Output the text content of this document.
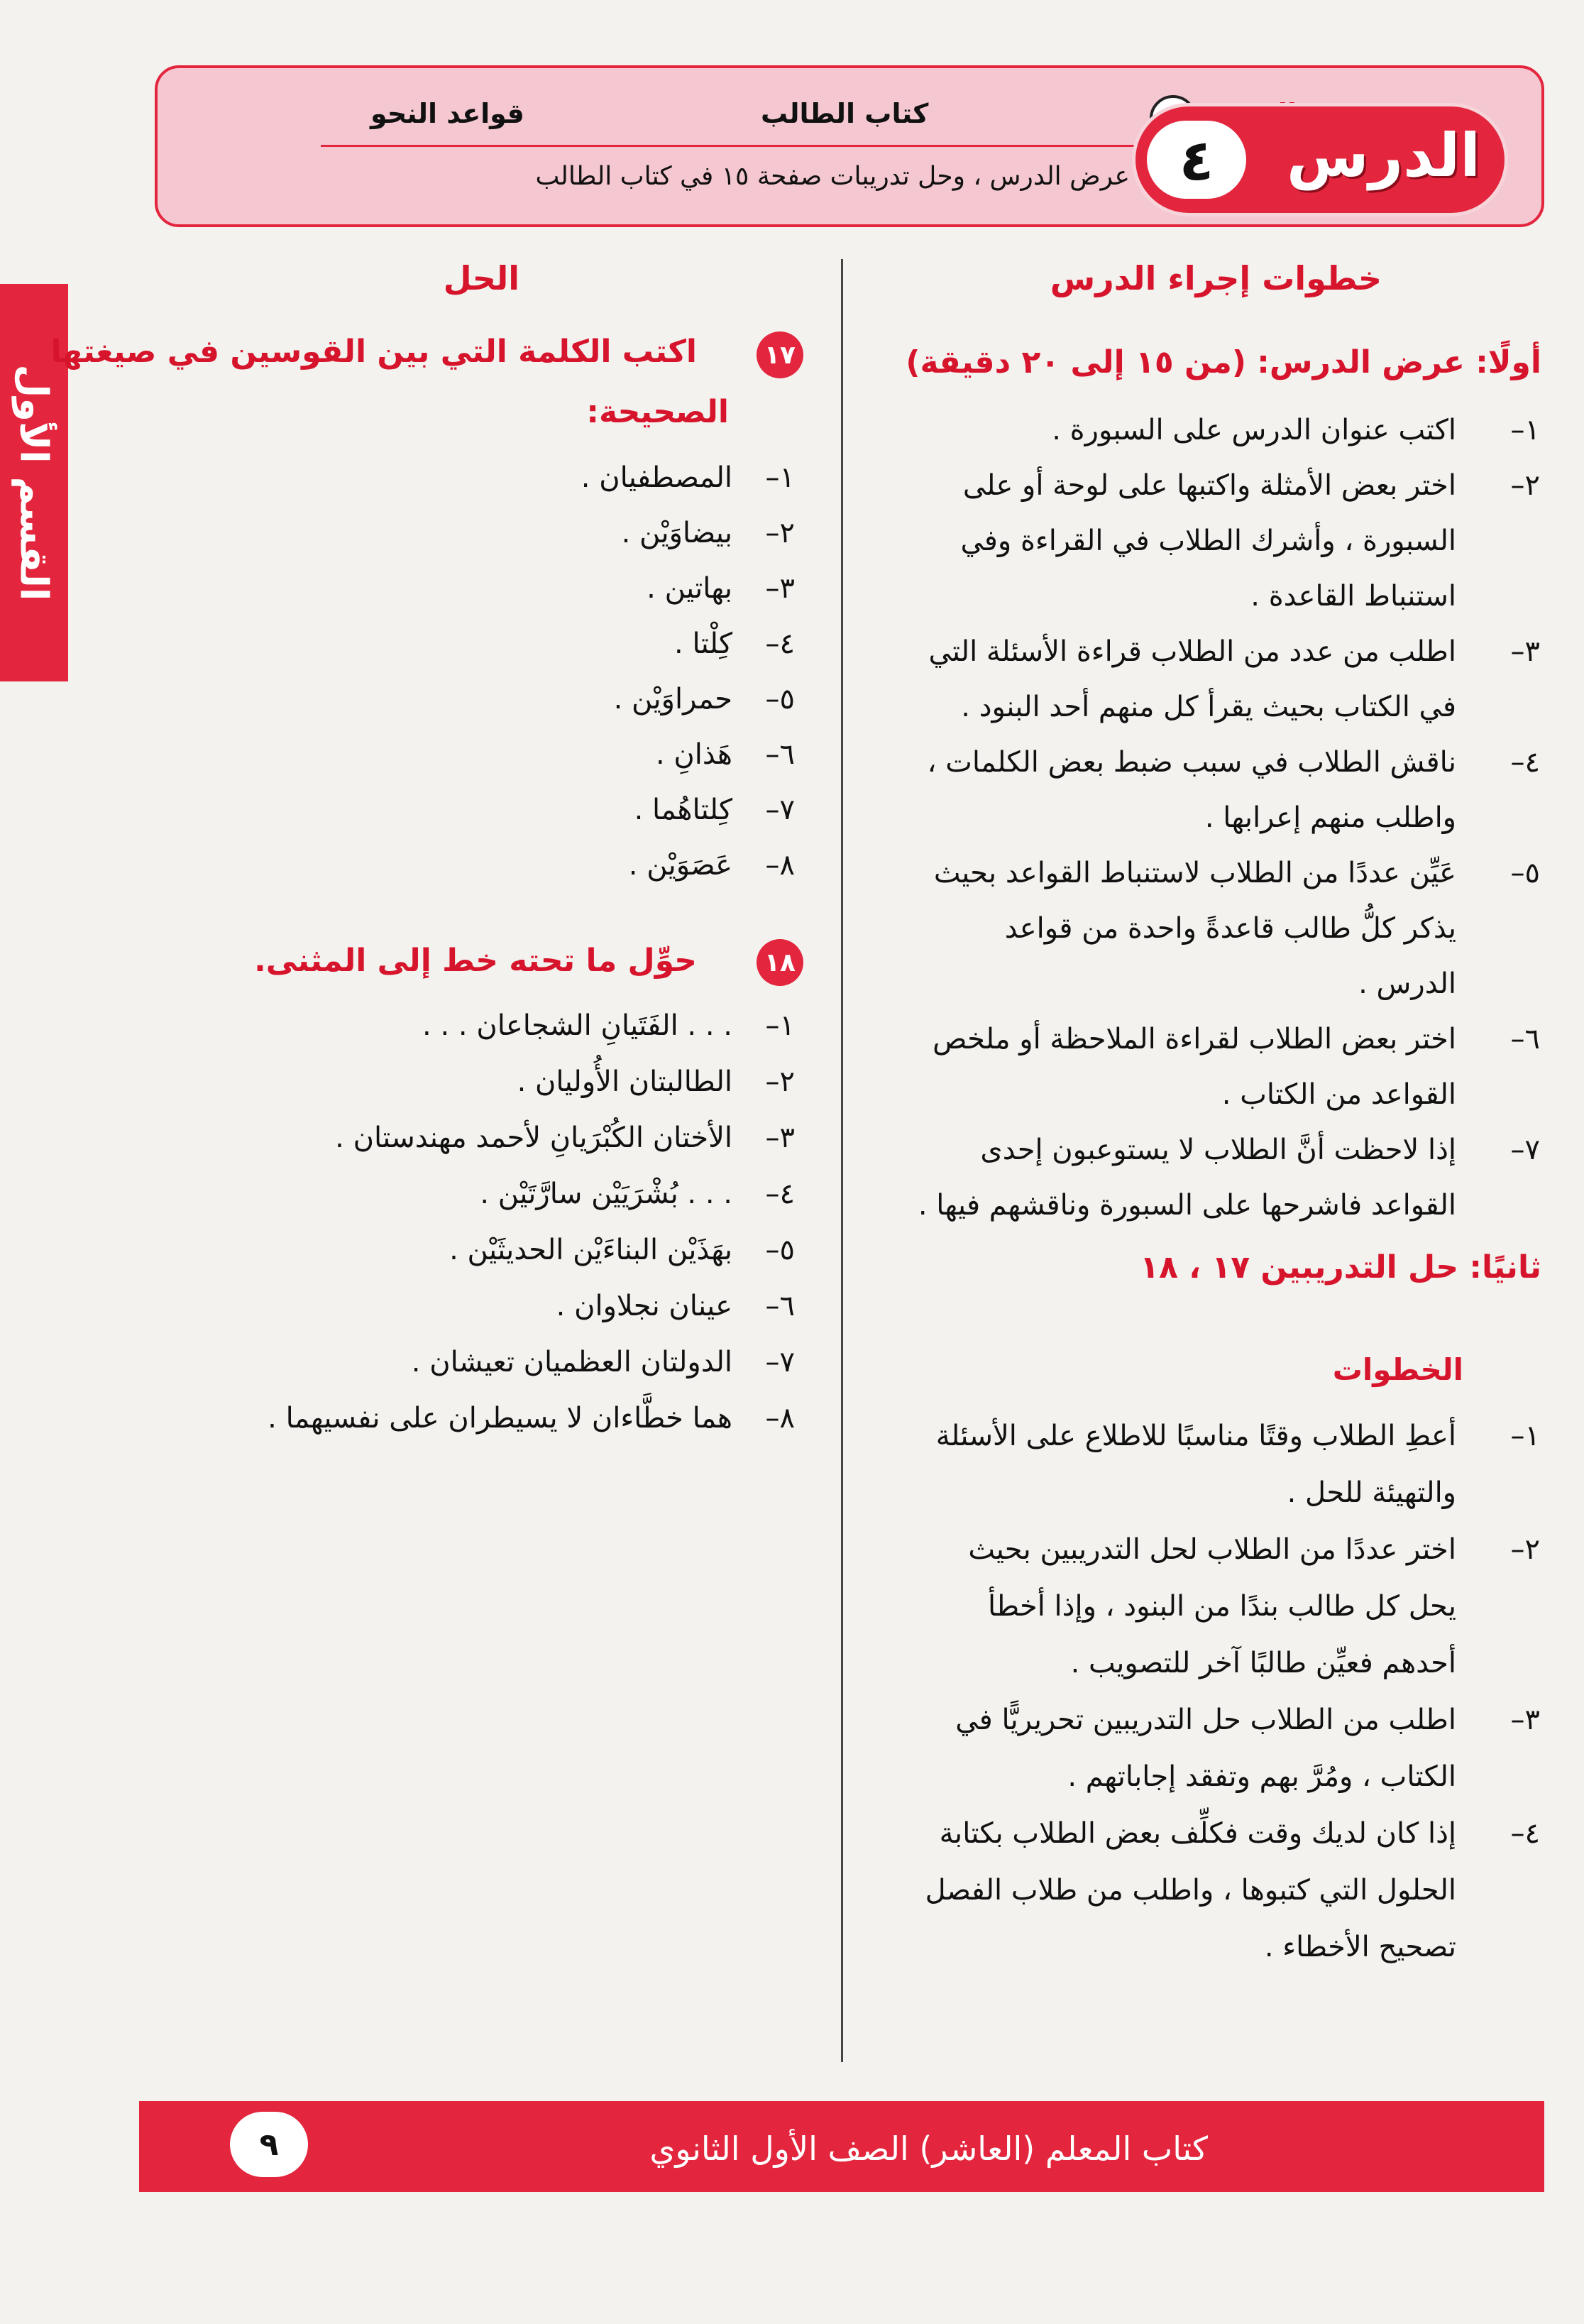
قواعد النحو	كتاب الطالب
عرض الدرس ، وحل تدريبات صفحة ١٥ في كتاب الطالب	الدرس
٤
القسم الأول
خطوات إجراء الدرس
أولًا: عرض الدرس: (من ١٥ إلى ٢٠ دقيقة)
١–
اكتب عنوان الدرس على السبورة .
٢–
اختر بعض الأمثلة واكتبها على لوحة أو على
السبورة ، وأشرك الطلاب في القراءة وفي
استنباط القاعدة .
٣–
اطلب من عدد من الطلاب قراءة الأسئلة التي
في الكتاب بحيث يقرأ كل منهم أحد البنود .
٤–
ناقش الطلاب في سبب ضبط بعض الكلمات ،
واطلب منهم إعرابها .
٥–
عَيِّن عددًا من الطلاب لاستنباط القواعد بحيث
يذكر كلُّ طالب قاعدةً واحدة من قواعد
الدرس .
٦–
اختر بعض الطلاب لقراءة الملاحظة أو ملخص
القواعد من الكتاب .
٧–
إذا لاحظت أنَّ الطلاب لا يستوعبون إحدى
القواعد فاشرحها على السبورة وناقشهم فيها .
ثانيًا: حل التدريبين ١٧ ، ١٨
الخطوات
١–
أعطِ الطلاب وقتًا مناسبًا للاطلاع على الأسئلة
والتهيئة للحل .
٢–
اختر عددًا من الطلاب لحل التدريبين بحيث
يحل كل طالب بندًا من البنود ، وإذا أخطأ
أحدهم فعيِّن طالبًا آخر للتصويب .
٣–
اطلب من الطلاب حل التدريبين تحريريًّا في
الكتاب ، ومُرَّ بهم وتفقد إجاباتهم .
٤–
إذا كان لديك وقت فكلِّف بعض الطلاب بكتابة
الحلول التي كتبوها ، واطلب من طلاب الفصل
تصحيح الأخطاء .
الحل
١٧
اكتب الكلمة التي بين القوسين في صيغتها
الصحيحة:
١–
المصطفيان .
٢–
بيضاوَيْن .
٣–
بهاتين .
٤–
كِلْتا .
٥–
حمراوَيْن .
٦–
هَذانِ .
٧–
كِلتاهُما .
٨–
عَصَوَيْن .
١٨
حوِّل ما تحته خط إلى المثنى.
١–
. . . الفَتَيانِ الشجاعان . . .
٢–
الطالبتان الأُوليان .
٣–
الأختان الكُبْرَيانِ لأحمد مهندستان .
٤–
. . . بُشْرَيَيْن سارَّتَيْن .
٥–
بهَذَيْن البناءَيْن الحديثَيْن .
٦–
عينان نجلاوان .
٧–
الدولتان العظميان تعيشان .
٨–
هما خطَّاءان لا يسيطران على نفسيهما .
كتاب المعلم (العاشر) الصف الأول الثانوي
٩
